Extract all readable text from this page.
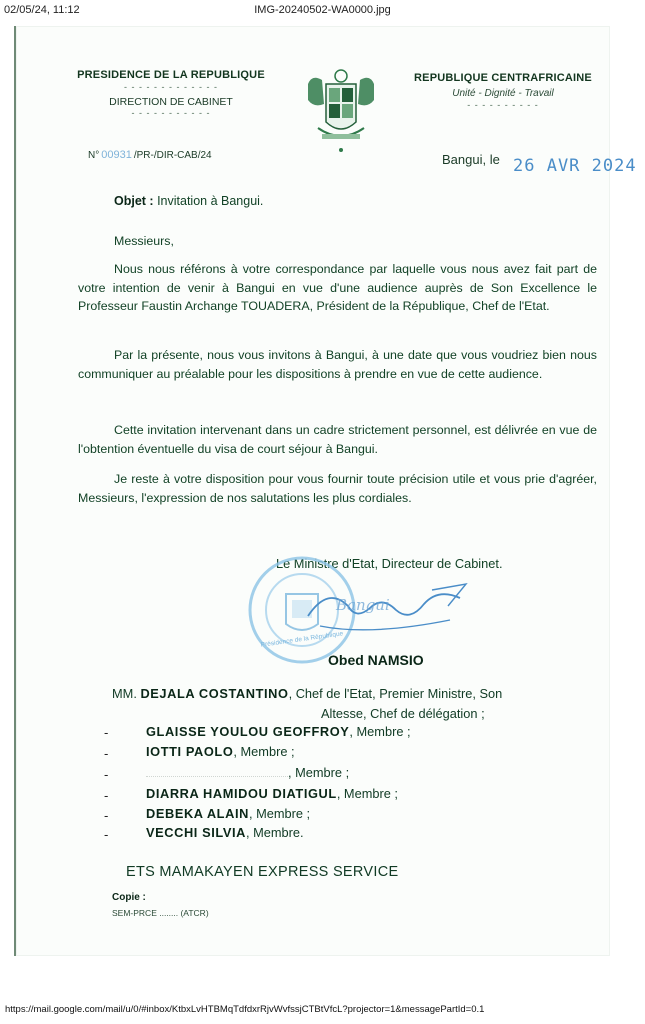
02/05/24, 11:12	IMG-20240502-WA0000.jpg
PRESIDENCE DE LA REPUBLIQUE
- - - - - - - - - - - - -
DIRECTION DE CABINET
- - - - - - - - - - -
REPUBLIQUE CENTRAFRICAINE
Unité - Dignité - Travail
- - - - - - - - - -
N° 00931 /PR-/DIR-CAB/24	Bangui, le 26 AVR 2024
Objet : Invitation à Bangui.
Messieurs,
Nous nous référons à votre correspondance par laquelle vous nous avez fait part de votre intention de venir à Bangui en vue d'une audience auprès de Son Excellence le Professeur Faustin Archange TOUADERA, Président de la République, Chef de l'Etat.
Par la présente, nous vous invitons à Bangui, à une date que vous voudriez bien nous communiquer au préalable pour les dispositions à prendre en vue de cette audience.
Cette invitation intervenant dans un cadre strictement personnel, est délivrée en vue de l'obtention éventuelle du visa de court séjour à Bangui.
Je reste à votre disposition pour vous fournir toute précision utile et vous prie d'agréer, Messieurs, l'expression de nos salutations les plus cordiales.
Le Ministre d'Etat, Directeur de Cabinet.
Présidence de la République
Bangui
Obed NAMSIO
MM. DEJALA COSTANTINO, Chef de l'Etat, Premier Ministre, Son
Altesse, Chef de délégation ;
-	GLAISSE YOULOU GEOFFROY, Membre ;
-	IOTTI PAOLO, Membre ;
-	, Membre ;
-	DIARRA HAMIDOU DIATIGUL, Membre ;
-	DEBEKA ALAIN, Membre ;
-	VECCHI SILVIA, Membre.
ETS MAMAKAYEN EXPRESS SERVICE
Copie :
SEM-PRCE ........ (ATCR)
https://mail.google.com/mail/u/0/#inbox/KtbxLvHTBMqTdfdxrRjvWvfssjCTBtVfcL?projector=1&messagePartId=0.1
